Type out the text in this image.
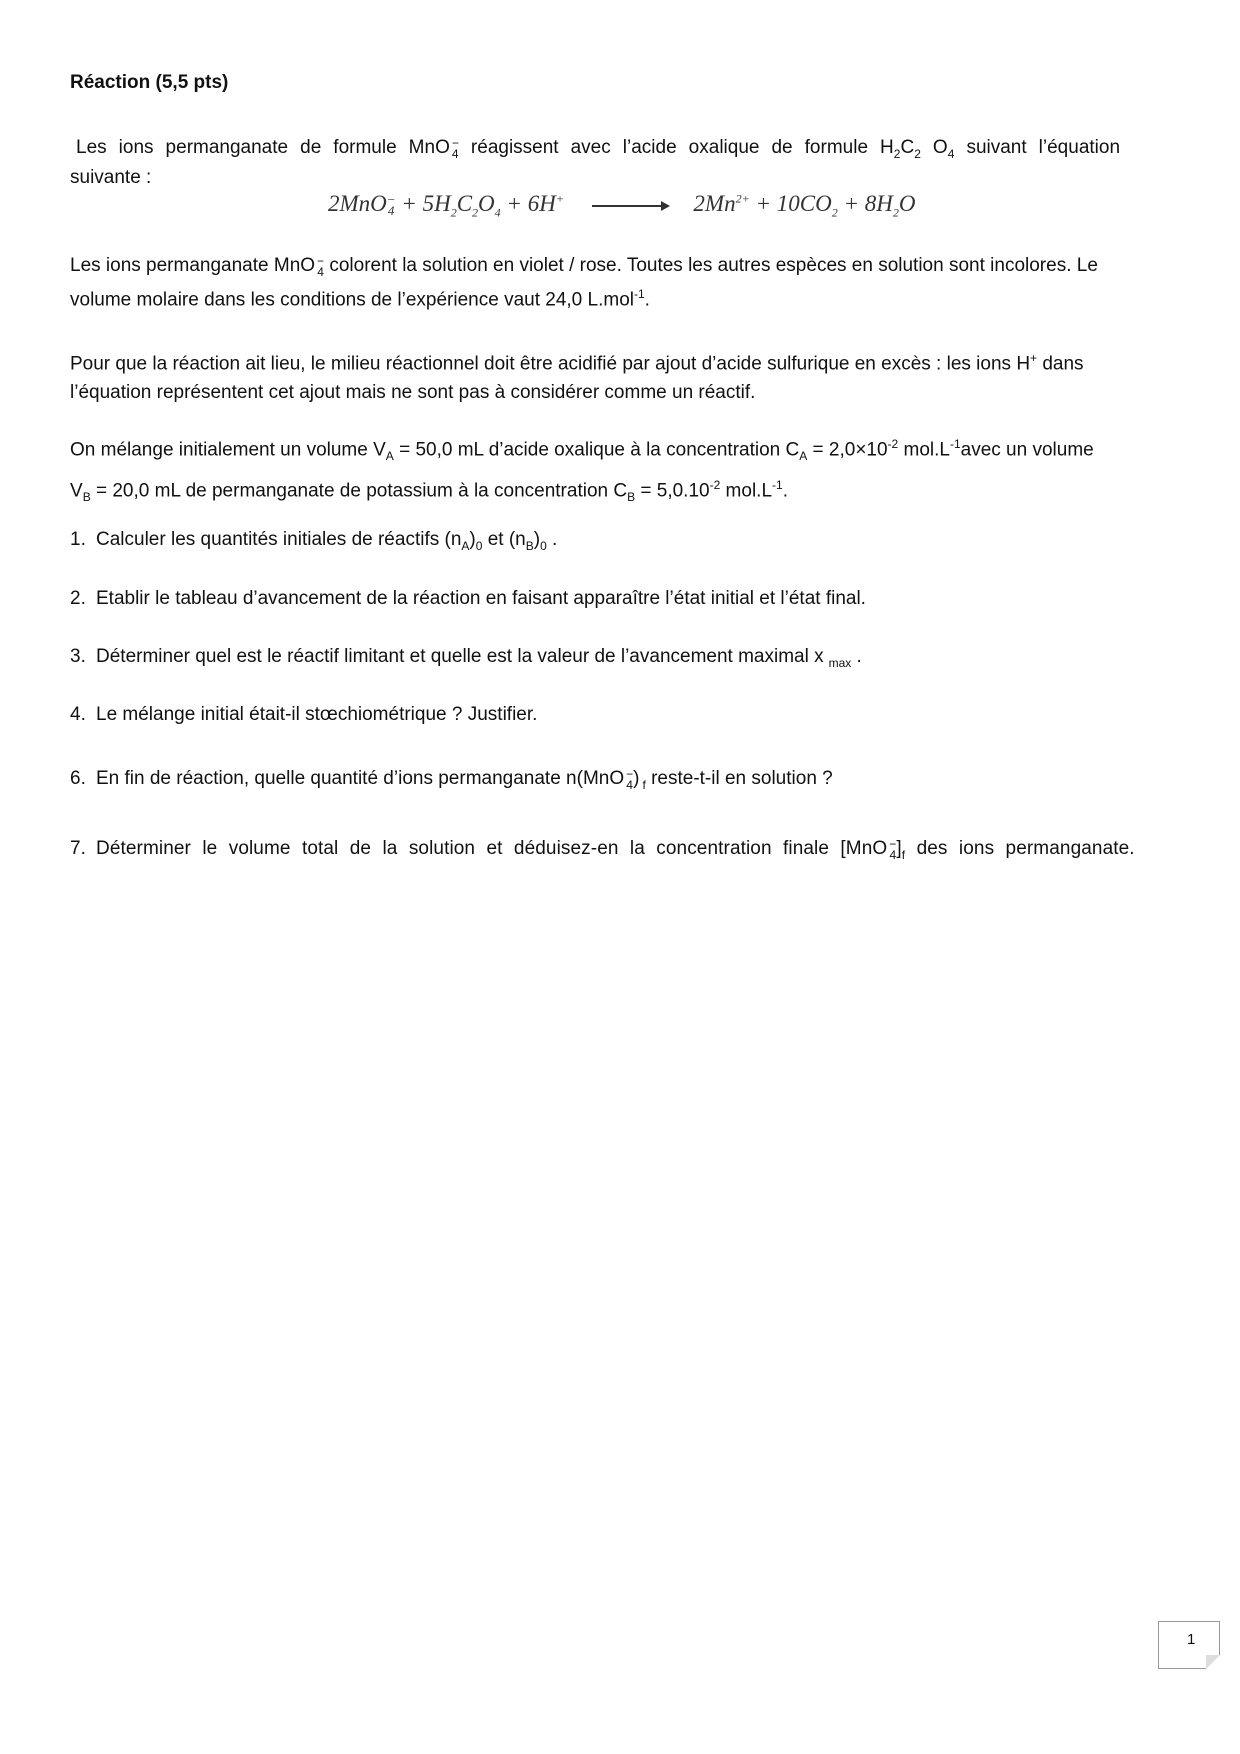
Réaction (5,5 pts)
Les ions permanganate de formule MnO −
4 réagissent avec l’acide oxalique de formule $H_2C_2$ $O_4$ suivant l’équation
suivante :
2MnO −
$4 + 5H_2C_2O_4 + 6H^+ \to 2Mn^{2+} + 10CO_2 + 8H_2O$
Les ions permanganate MnO −
4 colorent la solution en violet / rose. Toutes les autres espèces en solution sont incolores. Le
volume molaire dans les conditions de l’expérience vaut 24,0 L.mol$^{-1}$.
Pour que la réaction ait lieu, le milieu réactionnel doit être acidifié par ajout d’acide sulfurique en excès : les ions H+ dans
l’équation représentent cet ajout mais ne sont pas à considérer comme un réactif.
On mélange initialement un volume $V_A = 50,0$ mL d’acide oxalique à la concentration $C_A = 2,0\times 10^{-2}$ $mol.L^{-1}avec$ un volume
$V_B = 20,0$ mL de permanganate de potassium à la concentration $C_B = 5,0.10^{-2}$ $mol.L^{-1}$.
1. Calculer les quantités initiales de réactifs $(n_A)_0$ et $(n_B)_0$ .
2. Etablir le tableau d’avancement de la réaction en faisant apparaître l’état initial et l’état final.
3. Déterminer quel est le réactif limitant et quelle est la valeur de l’avancement maximal x $_{max}$ .
4. Le mélange initial était-il stœchiométrique ? Justifier.
6. En fin de réaction, quelle quantité d’ions permanganate n(MnO −
4 ) $_f$ reste-t-il en solution ?
7. Déterminer le volume total de la solution et déduisez-en la concentration finale [MnO −
4 ]$_f$ des ions permanganate.
1
